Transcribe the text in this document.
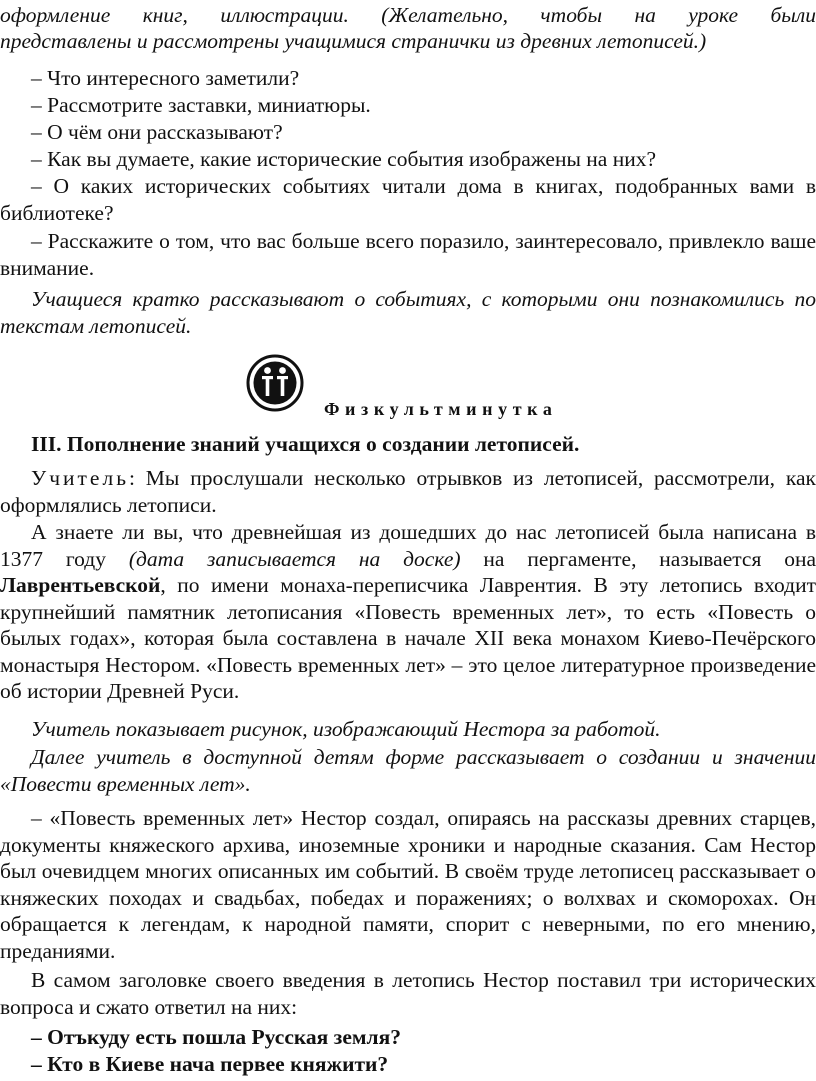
оформление книг, иллюстрации. (Желательно, чтобы на уроке были

представлены и рассмотрены учащимися странички из древних летописей.)

– Что интересного заметили?

– Рассмотрите заставки, миниатюры.

– О чём они рассказывают?

– Как вы думаете, какие исторические события изображены на них?

– О каких исторических событиях читали дома в книгах, подобранных вами в библиотеке?

– Расскажите о том, что вас больше всего поразило, заинтересовало, привлекло ваше внимание.

Учащиеся кратко рассказывают о событиях, с которыми они познакомились по текстам летописей.

Физкультминутка

III. Пополнение знаний учащихся о создании летописей.

Учитель: Мы прослушали несколько отрывков из летописей, рассмотрели, как оформлялись летописи.

А знаете ли вы, что древнейшая из дошедших до нас летописей была написана в 1377 году (дата записывается на доске) на пергаменте, называется она Лаврентьевской, по имени монаха-переписчика Лаврентия. В эту летопись входит крупнейший памятник летописания «Повесть временных лет», то есть «Повесть о былых годах», которая была составлена в начале XII века монахом Киево-Печёрского монастыря Нестором. «Повесть временных лет» – это целое литературное произведение об истории Древней Руси.

Учитель показывает рисунок, изображающий Нестора за работой.

Далее учитель в доступной детям форме рассказывает о создании и значении «Повести временных лет».

– «Повесть временных лет» Нестор создал, опираясь на рассказы древних старцев, документы княжеского архива, иноземные хроники и народные сказания. Сам Нестор был очевидцем многих описанных им событий. В своём труде летописец рассказывает о княжеских походах и свадьбах, победах и поражениях; о волхвах и скоморохах. Он обращается к легендам, к народной памяти, спорит с неверными, по его мнению, преданиями.

В самом заголовке своего введения в летопись Нестор поставил три исторических вопроса и сжато ответил на них:

– Отъкуду есть пошла Русская земля?

– Кто в Киеве нача первее княжити?
